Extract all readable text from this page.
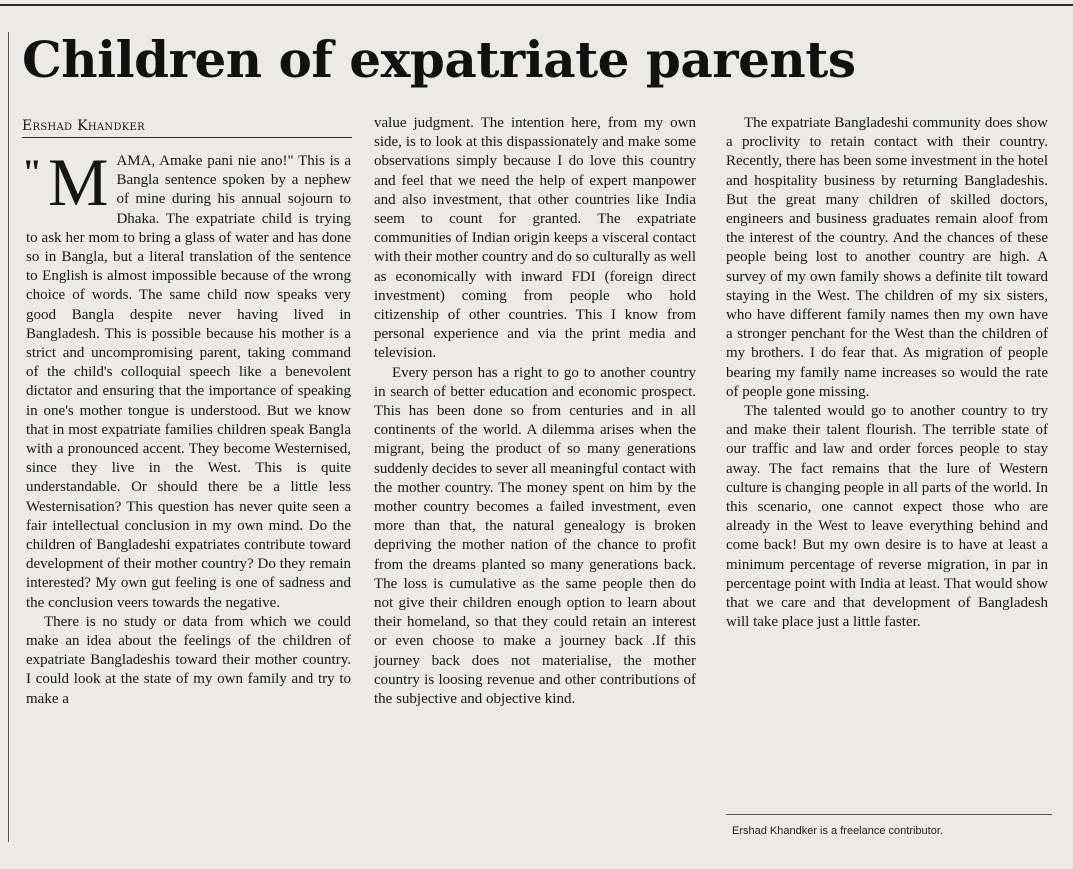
Children of expatriate parents
Ershad Khandker

" M AMA, Amake pani nie ano!" This is a Bangla sentence spoken by a nephew of mine during his annual sojourn to Dhaka. The expatriate child is trying to ask her mom to bring a glass of water and has done so in Bangla, but a literal translation of the sentence to English is almost impossible because of the wrong choice of words. The same child now speaks very good Bangla despite never having lived in Bangladesh. This is possible because his mother is a strict and uncompromising parent, taking command of the child's colloquial speech like a benevolent dictator and ensuring that the importance of speaking in one's mother tongue is understood. But we know that in most expatriate families children speak Bangla with a pronounced accent. They become Westernised, since they live in the West. This is quite understandable. Or should there be a little less Westernisation? This question has never quite seen a fair intellectual conclusion in my own mind. Do the children of Bangladeshi expatriates contribute toward development of their mother country? Do they remain interested? My own gut feeling is one of sadness and the conclusion veers towards the negative.

There is no study or data from which we could make an idea about the feelings of the children of expatriate Bangladeshis toward their mother country. I could look at the state of my own family and try to make a

value judgment. The intention here, from my own side, is to look at this dispassionately and make some observations simply because I do love this country and feel that we need the help of expert manpower and also investment, that other countries like India seem to count for granted. The expatriate communities of Indian origin keeps a visceral contact with their mother country and do so culturally as well as economically with inward FDI (foreign direct investment) coming from people who hold citizenship of other countries. This I know from personal experience and via the print media and television.

Every person has a right to go to another country in search of better education and economic prospect. This has been done so from centuries and in all continents of the world. A dilemma arises when the migrant, being the product of so many generations suddenly decides to sever all meaningful contact with the mother country. The money spent on him by the mother country becomes a failed investment, even more than that, the natural genealogy is broken depriving the mother nation of the chance to profit from the dreams planted so many generations back. The loss is cumulative as the same people then do not give their children enough option to learn about their homeland, so that they could retain an interest or even choose to make a journey back .If this journey back does not materialise, the mother country is loosing revenue and other contributions of the subjective and objective kind.

The expatriate Bangladeshi community does show a proclivity to retain contact with their country. Recently, there has been some investment in the hotel and hospitality business by returning Bangladeshis. But the great many children of skilled doctors, engineers and business graduates remain aloof from the interest of the country. And the chances of these people being lost to another country are high. A survey of my own family shows a definite tilt toward staying in the West. The children of my six sisters, who have different family names then my own have a stronger penchant for the West than the children of my brothers. I do fear that. As migration of people bearing my family name increases so would the rate of people gone missing.

The talented would go to another country to try and make their talent flourish. The terrible state of our traffic and law and order forces people to stay away. The fact remains that the lure of Western culture is changing people in all parts of the world. In this scenario, one cannot expect those who are already in the West to leave everything behind and come back! But my own desire is to have at least a minimum percentage of reverse migration, in par in percentage point with India at least. That would show that we care and that development of Bangladesh will take place just a little faster.

Ershad Khandker is a freelance contributor.
